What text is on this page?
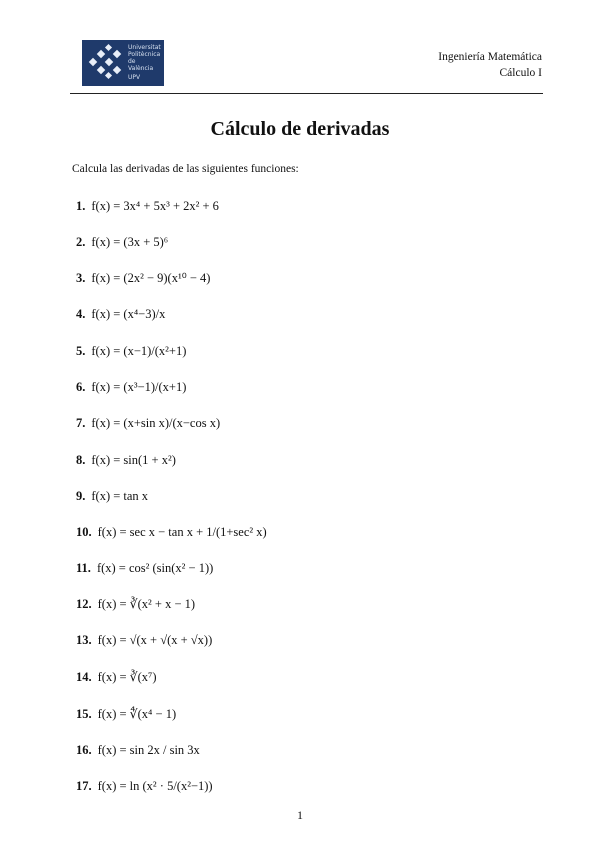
Universitat Politècnica de València
UPV
Ingeniería Matemática
Cálculo I
Cálculo de derivadas
Calcula las derivadas de las siguientes funciones:
1. f(x) = 3x⁴ + 5x³ + 2x² + 6
2. f(x) = (3x + 5)⁶
3. f(x) = (2x² − 9)(x¹⁰ − 4)
4. f(x) = (x⁴−3)/x
5. f(x) = (x−1)/(x²+1)
6. f(x) = (x³−1)/(x+1)
7. f(x) = (x+sin x)/(x−cos x)
8. f(x) = sin(1 + x²)
9. f(x) = tan x
10. f(x) = sec x − tan x + 1/(1+sec² x)
11. f(x) = cos² (sin(x² − 1))
12. f(x) = ∛(x² + x − 1)
13. f(x) = √(x + √(x + √x))
14. f(x) = ∛(x⁷)
15. f(x) = ∜(x⁴ − 1)
16. f(x) = sin 2x / sin 3x
17. f(x) = ln (x² · 5/(x²−1))
1
